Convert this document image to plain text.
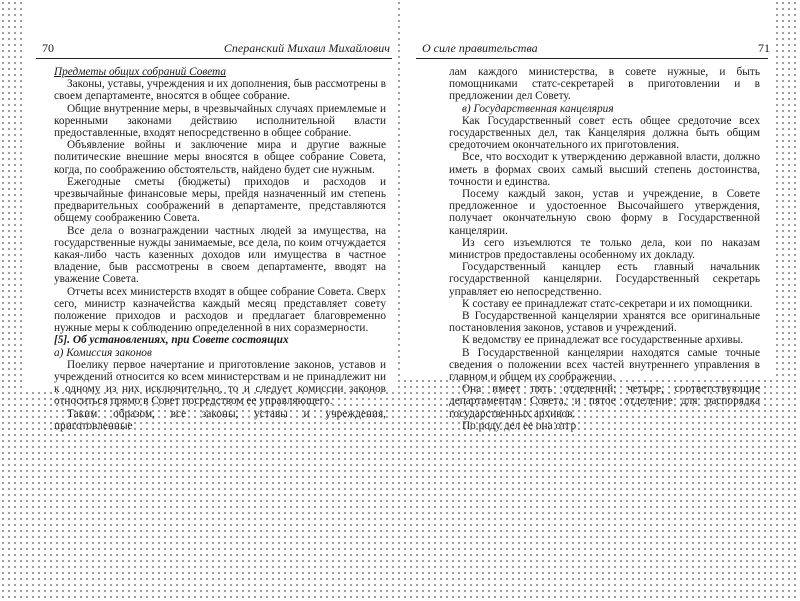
70	Сперанский Михаил Михайлович

Предметы общих собраний Совета

Законы, уставы, учреждения и их дополнения, быв рассмотрены в своем департаменте, вносятся в общее собрание.

Общие внутренние меры, в чрезвычайных случаях приемлемые и коренными законами действию исполнительной власти предоставленные, входят непосредственно в общее собрание.

Объявление войны и заключение мира и другие важные политические внешние меры вносятся в общее собрание Совета, когда, по соображению обстоятельств, найдено будет сие нужным.

Ежегодные сметы (бюджеты) приходов и расходов и чрезвычайные финансовые меры, прейдя назначенный им степень предварительных соображений в департаменте, представляются общему соображению Совета.

Все дела о вознаграждении частных людей за имущества, на государственные нужды занимаемые, все дела, по коим отчуждается какая-либо часть казенных доходов или имущества в частное владение, быв рассмотрены в своем департаменте, вводят на уважение Совета.

Отчеты всех министерств входят в общее собрание Совета. Сверх сего, министр казначейства каждый месяц представляет совету положение приходов и расходов и предлагает благовременно нужные меры к соблюдению определенной в них соразмерности.

[5]. Об установлениях, при Совете состоящих

а) Комиссия законов

Поелику первое начертание и приготовление законов, уставов и учреждений относится ко всем министерствам и не принадлежит ни к одному из них исключительно, то и следует комиссии законов относиться прямо в Совет посредством ее управляющего.

Таким образом, все законы, уставы и учреждения, приготовленные

О силе правительства	71

лам каждого министерства, в совете нужные, и быть помощниками статс-секретарей в приготовлении и в предложении дел Совету.

в) Государственная канцелярия

Как Государственный совет есть общее средоточие всех государственных дел, так Канцелярия должна быть общим средоточием окончательного их приготовления.

Все, что восходит к утверждению державной власти, должно иметь в формах своих самый высший степень достоинства, точности и единства.

Посему каждый закон, устав и учреждение, в Совете предложенное и удостоенное Высочайшего утверждения, получает окончательную свою форму в Государственной канцелярии.

Из сего изъемлются те только дела, кои по наказам министров предоставлены особенному их докладу.

Государственный канцлер есть главный начальник государственной канцелярии. Государственный секретарь управляет ею непосредственно.

К составу ее принадлежат статс-секретари и их помощники.

В Государственной канцелярии хранятся все оригинальные постановления законов, уставов и учреждений.

К ведомству ее принадлежат все государственные архивы.

В Государственной канцелярии находятся самые точные сведения о положении всех частей внутреннего управления в главном и общем их соображении.

Она имеет пять отделений: четыре, соответствующие департаментам Совета, и пятое отделение для распорядка государственных архивов.

По роду дел ее она отгр
